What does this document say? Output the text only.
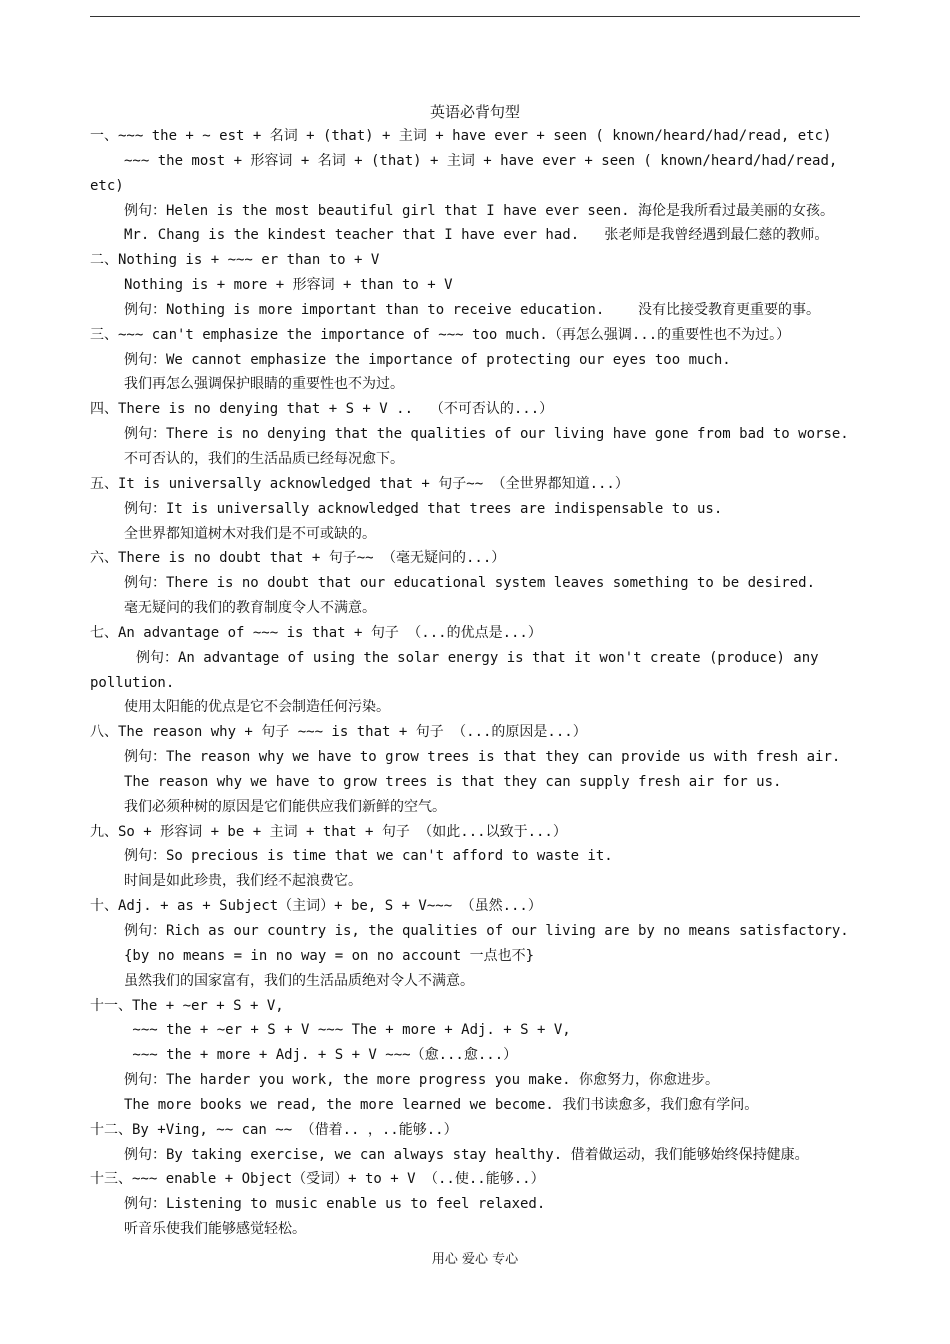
英语必背句型
一、~~~ the + ~ est + 名词 + (that) + 主词 + have ever + seen ( known/heard/had/read, etc)
~~~ the most + 形容词 + 名词 + (that) + 主词 + have ever + seen ( known/heard/had/read,
etc)
例句：Helen is the most beautiful girl that I have ever seen. 海伦是我所看过最美丽的女孩。
Mr. Chang is the kindest teacher that I have ever had.   张老师是我曾经遇到最仁慈的教师。
二、Nothing is + ~~~ er than to + V
Nothing is + more + 形容词 + than to + V
例句：Nothing is more important than to receive education.    没有比接受教育更重要的事。
三、~~~ can't emphasize the importance of ~~~ too much.（再怎么强调...的重要性也不为过。）
例句：We cannot emphasize the importance of protecting our eyes too much.
我们再怎么强调保护眼睛的重要性也不为过。
四、There is no denying that + S + V ..  （不可否认的...）
例句：There is no denying that the qualities of our living have gone from bad to worse.
不可否认的，我们的生活品质已经每况愈下。
五、It is universally acknowledged that + 句子~~ （全世界都知道...）
例句：It is universally acknowledged that trees are indispensable to us.
全世界都知道树木对我们是不可或缺的。
六、There is no doubt that + 句子~~ （毫无疑问的...）
例句：There is no doubt that our educational system leaves something to be desired.
毫无疑问的我们的教育制度令人不满意。
七、An advantage of ~~~ is that + 句子 （...的优点是...）
例句：An advantage of using the solar energy is that it won't create (produce) any
pollution.
使用太阳能的优点是它不会制造任何污染。
八、The reason why + 句子 ~~~ is that + 句子 （...的原因是...）
例句：The reason why we have to grow trees is that they can provide us with fresh air.
The reason why we have to grow trees is that they can supply fresh air for us.
我们必须种树的原因是它们能供应我们新鲜的空气。
九、So + 形容词 + be + 主词 + that + 句子 （如此...以致于...）
例句：So precious is time that we can't afford to waste it.
时间是如此珍贵，我们经不起浪费它。
十、Adj. + as + Subject（主词）+ be, S + V~~~ （虽然...）
例句：Rich as our country is, the qualities of our living are by no means satisfactory.
{by no means = in no way = on no account 一点也不}
虽然我们的国家富有，我们的生活品质绝对令人不满意。
十一、The + ~er + S + V,
~~~ the + ~er + S + V ~~~ The + more + Adj. + S + V,
~~~ the + more + Adj. + S + V ~~~（愈...愈...）
例句：The harder you work, the more progress you make. 你愈努力，你愈进步。
The more books we read, the more learned we become. 我们书读愈多，我们愈有学问。
十二、By +Ving, ~~ can ~~ （借着.. ，..能够..）
例句：By taking exercise, we can always stay healthy. 借着做运动，我们能够始终保持健康。
十三、~~~ enable + Object（受词）+ to + V （..使..能够..）
例句：Listening to music enable us to feel relaxed.
听音乐使我们能够感觉轻松。
用心 爱心 专心
